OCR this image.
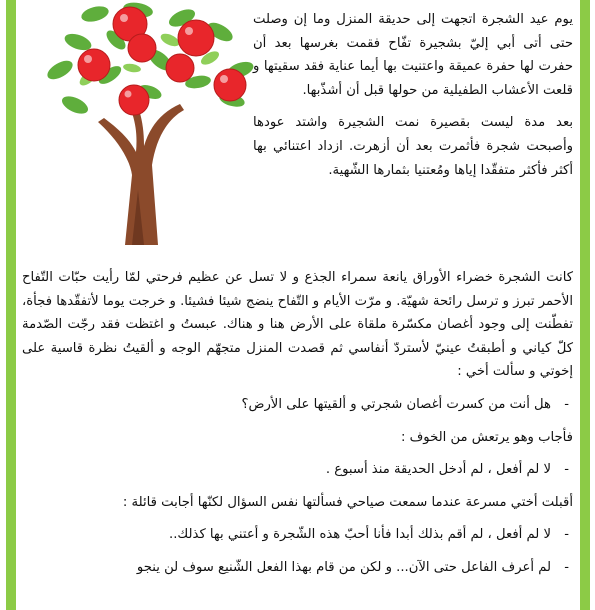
يوم عيد الشجرة اتجهت إلى حديقة المنزل وما إن وصلت حتى أتى أبي إليّ بشجيرة تفّاح فقمت بغرسها بعد أن حفرت لها حفرة عميقة واعتنيت بها أيما عناية فقد سقيتها و قلعت الأعشاب الطفيلية من حولها قبل أن أشذّبها.

بعد مدة ليست بقصيرة نمت الشجيرة واشتد عودها وأصبحت شجرة فأثمرت بعد أن أزهرت. ازداد اعتنائي بها أكثر فأكثر متفقّدا إياها ومُعتنيا بثمارها الشّهية.

كانت الشجرة خضراء الأوراق يانعة سمراء الجذع و لا تسل عن عظيم فرحتي لمّا رأيت حبّات التّفاح الأحمر تبرز و ترسل رائحة شهيّة. و مرّت الأيام و التّفاح ينضج شيئا فشيئا. و خرجت يوما لأتفقّدها فجأة، تفطّنت إلى وجود أغصان مكسّرة ملقاة على الأرض هنا و هناك. عبستُ و اغتظت فقد رجّت الصّدمة كلّ كياني و أطبقتُ عينيّ لأستردّ أنفاسي ثم قصدت المنزل متجهّم الوجه و ألقيتُ نظرة قاسية على إخوتي و سألت أخي :

-
هل أنت من كسرت أغصان شجرتي و ألقيتها على الأرض؟

فأجاب وهو يرتعش من الخوف :

-
لا لم أفعل ، لم أدخل الحديقة منذ أسبوع .

أقبلت أختي مسرعة عندما سمعت صياحي فسألتها نفس السؤال لكنّها أجابت قائلة :

-
لا لم أفعل ، لم أقم بذلك أبدا فأنا أحبّ هذه الشّجرة و أعتني بها كذلك..
-
لم أعرف الفاعل حتى الآن... و لكن من قام بهذا الفعل الشّنيع سوف لن ينجو
